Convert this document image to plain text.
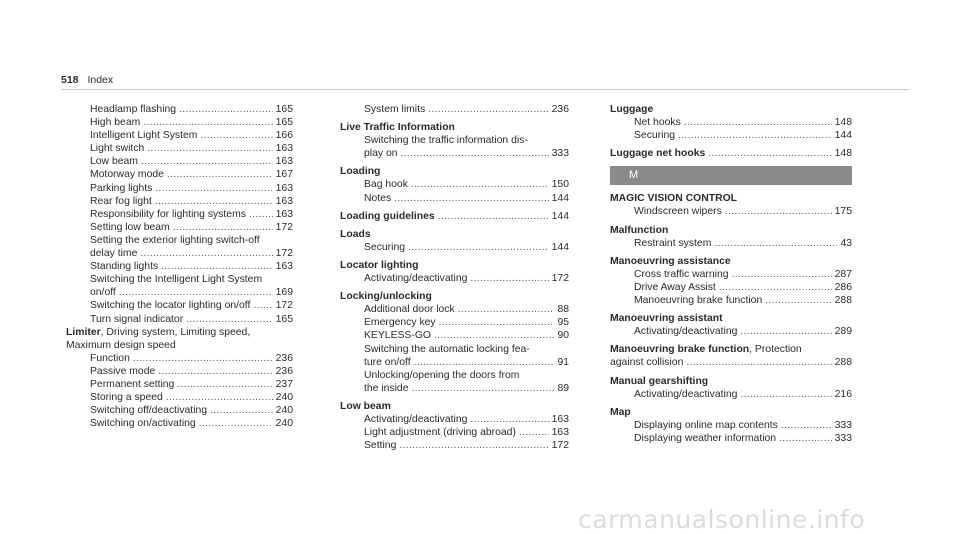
518 Index
Headlamp flashing .....	165
High beam .....	165
Intelligent Light System .....	166
Light switch .....	163
Low beam .....	163
Motorway mode .....	167
Parking lights .....	163
Rear fog light .....	163
Responsibility for lighting systems .....	163
Setting low beam .....	172
Setting the exterior lighting switch-off
delay time .....	172
Standing lights .....	163
Switching the Intelligent Light System
on/off .....	169
Switching the locator lighting on/off ..... 172
Turn signal indicator .....	165
Limiter, Driving system, Limiting speed,
Maximum design speed
Function .....	236
Passive mode .....	236
Permanent setting .....	237
Storing a speed .....	240
Switching off/deactivating .....	240
Switching on/activating .....	240
System limits .....	236
Live Traffic Information
Switching the traffic information dis-
play on .....	333
Loading
Bag hook .....	150
Notes .....	144
Loading guidelines .....	144
Loads
Securing .....	144
Locator lighting
Activating/deactivating .....	172
Locking/unlocking
Additional door lock .....	88
Emergency key .....	95
KEYLESS-GO .....	90
Switching the automatic locking fea-
ture on/off .....	91
Unlocking/opening the doors from
the inside .....	89
Low beam
Activating/deactivating .....	163
Light adjustment (driving abroad) .....	163
Setting .....	172
Luggage
Net hooks .....	148
Securing .....	144
Luggage net hooks .....	148
M
MAGIC VISION CONTROL
Windscreen wipers .....	175
Malfunction
Restraint system .....	43
Manoeuvring assistance
Cross traffic warning .....	287
Drive Away Assist .....	286
Manoeuvring brake function .....	288
Manoeuvring assistant
Activating/deactivating .....	289
Manoeuvring brake function, Protection
against collision .....	288
Manual gearshifting
Activating/deactivating .....	216
Map
Displaying online map contents .....	333
Displaying weather information .....	333
carmanualsonline.info
